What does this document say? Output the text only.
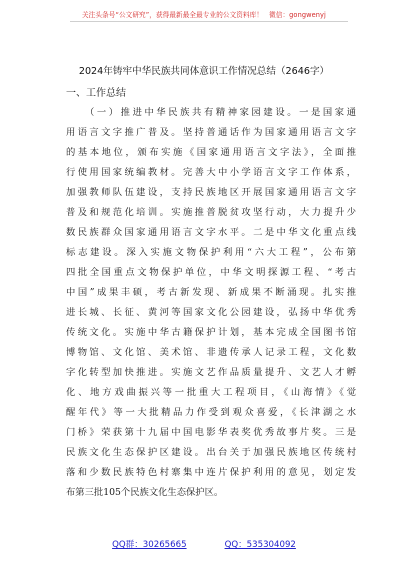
关注头条号“公文研究”，获得最新最全最专业的公文资料库！ 微信：gongwenyj
2024年铸牢中华民族共同体意识工作情况总结（2646字）
一、工作总结
（一）推进中华民族共有精神家园建设。一是国家通
用语言文字推广普及。坚持普通话作为国家通用语言文字
的基本地位，颁布实施《国家通用语言文字法》，全面推
行使用国家统编教材。完善大中小学语言文字工作体系，
加强教师队伍建设，支持民族地区开展国家通用语言文字
普及和规范化培训。实施推普脱贫攻坚行动，大力提升少
数民族群众国家通用语言文字水平。二是中华文化重点线
标志建设。深入实施文物保护利用“六大工程”，公布第
四批全国重点文物保护单位，中华文明探源工程、“考古
中国”成果丰硕，考古新发现、新成果不断涌现。扎实推
进长城、长征、黄河等国家文化公园建设，弘扬中华优秀
传统文化。实施中华古籍保护计划，基本完成全国图书馆
博物馆、文化馆、美术馆、非遗传承人记录工程，文化数
字化转型加快推进。实施文艺作品质量提升、文艺人才孵
化、地方戏曲振兴等一批重大工程项目，《山海情》《觉
醒年代》等一大批精品力作受到观众喜爱，《长津湖之水
门桥》荣获第十九届中国电影华表奖优秀故事片奖。三是
民族文化生态保护区建设。出台关于加强民族地区传统村
落和少数民族特色村寨集中连片保护利用的意见，划定发
布第三批105个民族文化生态保护区。
QQ群：30265665	QQ：535304092
